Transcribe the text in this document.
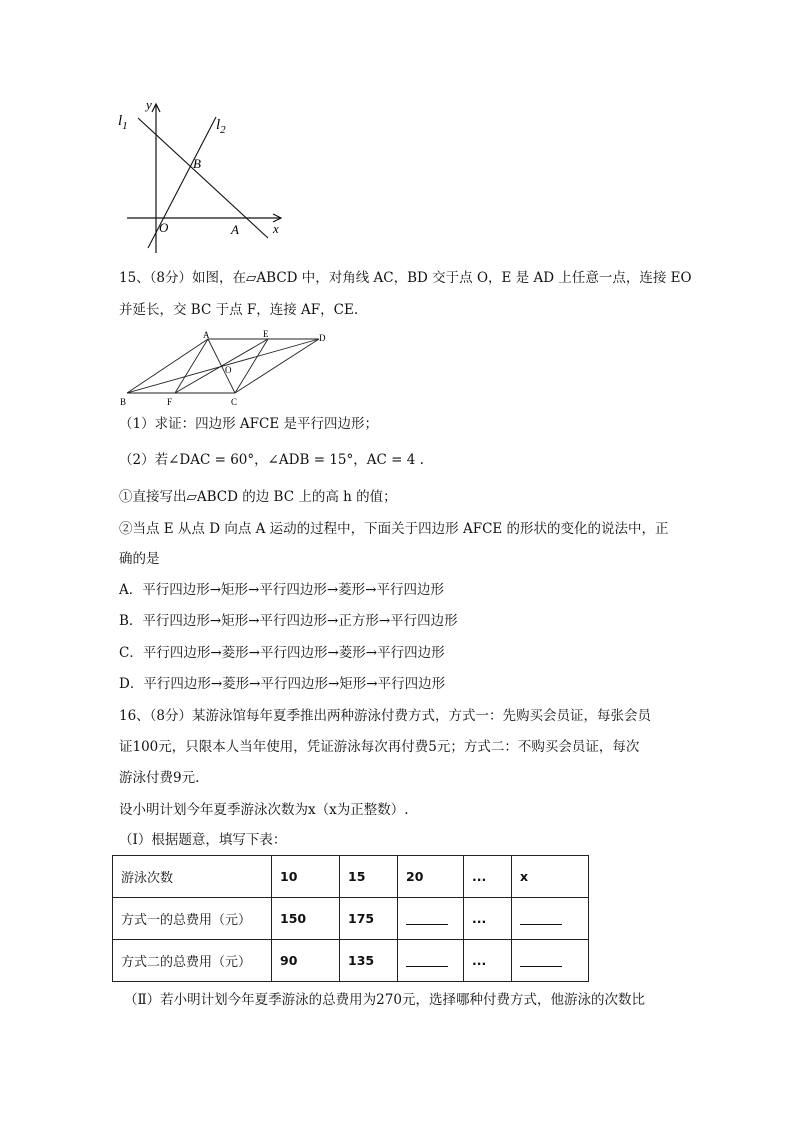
$l_1$	$l_2$
y
x
B
O	A
15、（8分）如图，在▱ABCD 中，对角线 AC，BD 交于点 O，E 是 AD 上任意一点，连接 EO
并延长，交 BC 于点 F，连接 AF，CE.
A	E	D
O
B	F	C
（1）求证：四边形 AFCE 是平行四边形；
（2）若∠DAC = 60°，∠ADB = 15°，AC = 4 .
①直接写出▱ABCD 的边 BC 上的高 h 的值；
②当点 E 从点 D 向点 A 运动的过程中，下面关于四边形 AFCE 的形状的变化的说法中，正
确的是
A．平行四边形→矩形→平行四边形→菱形→平行四边形
B．平行四边形→矩形→平行四边形→正方形→平行四边形
C．平行四边形→菱形→平行四边形→菱形→平行四边形
D．平行四边形→菱形→平行四边形→矩形→平行四边形
16、（8分）某游泳馆每年夏季推出两种游泳付费方式，方式一：先购买会员证，每张会员
证100元，只限本人当年使用，凭证游泳每次再付费5元；方式二：不购买会员证，每次
游泳付费9元.
设小明计划今年夏季游泳次数为x（x为正整数）.
（I）根据题意，填写下表：
游泳次数	10	15	20	...	x
方式一的总费用（元）	150	175		...	
方式二的总费用（元）	90	135		...	
（Ⅱ）若小明计划今年夏季游泳的总费用为270元，选择哪种付费方式，他游泳的次数比
